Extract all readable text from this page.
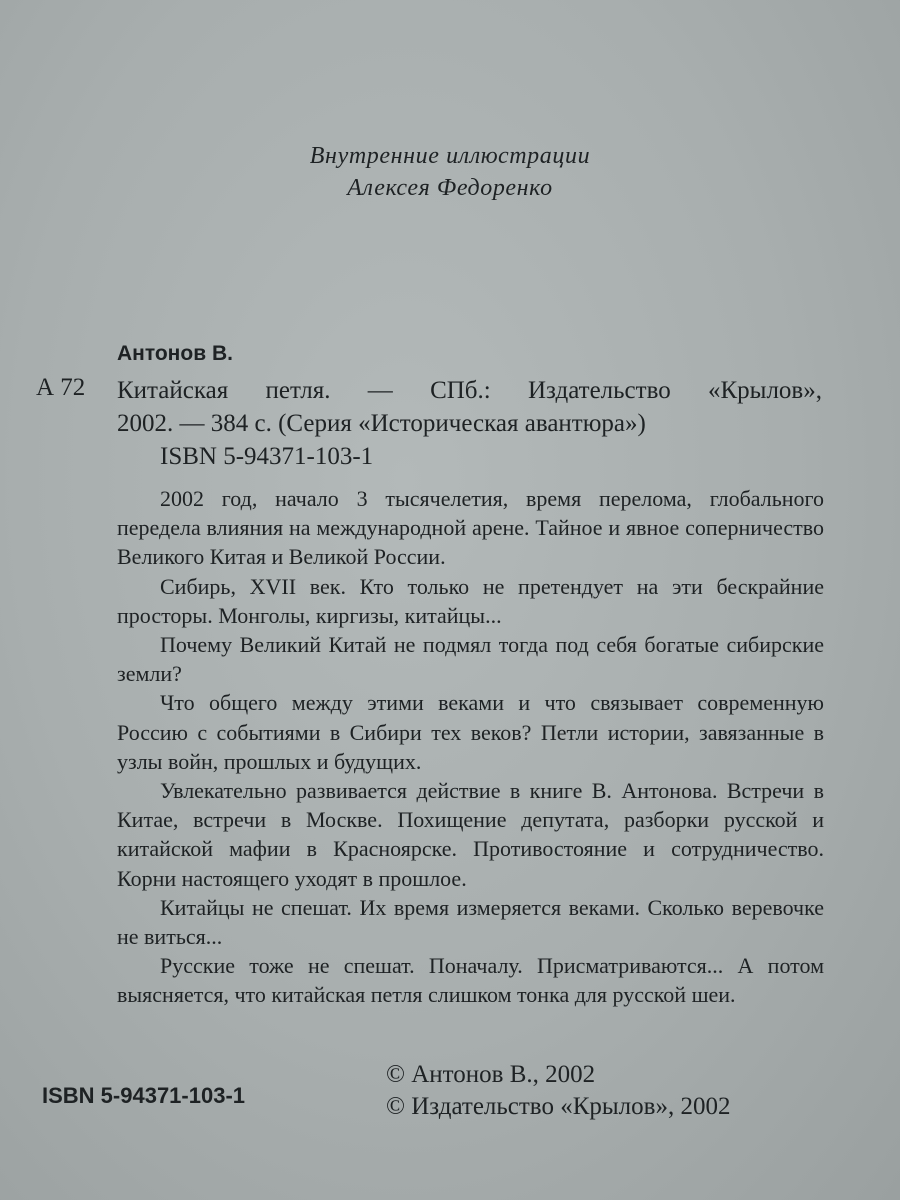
Внутренние иллюстрации
Алексея Федоренко
Антонов В.
А 72 Китайская петля. — СПб.: Издательство «Крылов»,
2002. — 384 с. (Серия «Историческая авантюра»)
ISBN 5-94371-103-1

2002 год, начало 3 тысячелетия, время перелома, глобального передела влияния на международной арене. Тайное и явное соперничество Великого Китая и Великой России.

Сибирь, XVII век. Кто только не претендует на эти бескрайние просторы. Монголы, киргизы, китайцы...

Почему Великий Китай не подмял тогда под себя богатые сибирские земли?

Что общего между этими веками и что связывает современную Россию с событиями в Сибири тех веков? Петли истории, завязанные в узлы войн, прошлых и будущих.

Увлекательно развивается действие в книге В. Антонова. Встречи в Китае, встречи в Москве. Похищение депутата, разборки русской и китайской мафии в Красноярске. Противостояние и сотрудничество. Корни настоящего уходят в прошлое.

Китайцы не спешат. Их время измеряется веками. Сколько веревочке не виться...

Русские тоже не спешат. Поначалу. Присматриваются... А потом выясняется, что китайская петля слишком тонка для русской шеи.

ISBN 5-94371-103-1
© Антонов В., 2002
© Издательство «Крылов», 2002
